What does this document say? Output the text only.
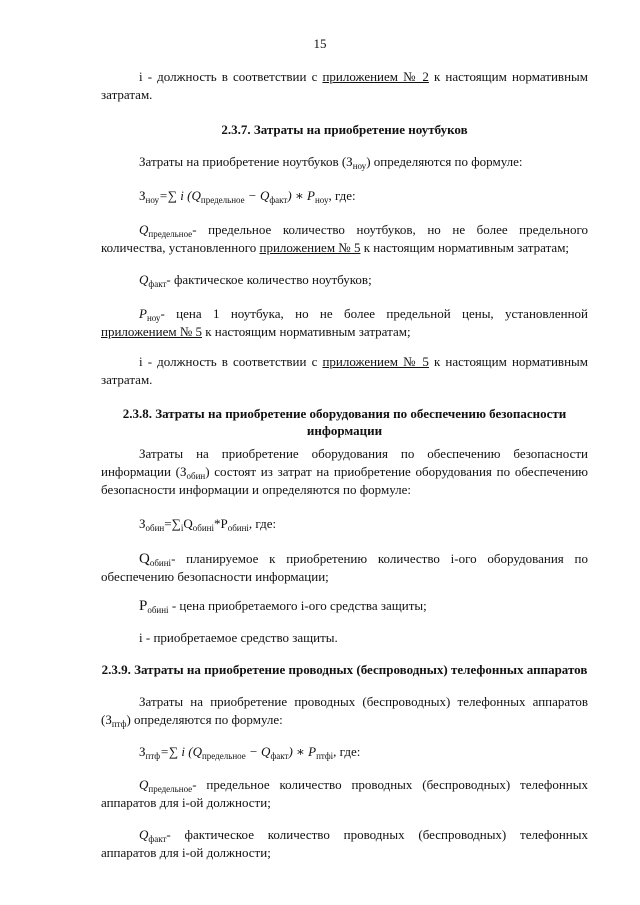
15
i - должность в соответствии с приложением № 2 к настоящим нормативным затратам.
2.3.7. Затраты на приобретение ноутбуков
Затраты на приобретение ноутбуков $(З_{ноу})$ определяются по формуле:
$З_{ноу}=\sum$ i $(Q_{предельное} - Q_{факт})$ ∗ $P_{ноу}$, где:
$Q_{предельное}-$ предельное количество ноутбуков, но не более предельного количества, установленного приложением № 5 к настоящим нормативным затратам;
$Q_{факт}-$ фактическое количество ноутбуков;
$P_{ноу}-$ цена 1 ноутбука, но не более предельной цены, установленной приложением № 5 к настоящим нормативным затратам;
i - должность в соответствии с приложением № 5 к настоящим нормативным затратам.
2.3.8. Затраты на приобретение оборудования по обеспечению безопасности
информации
Затраты на приобретение оборудования по обеспечению безопасности информации $(З_{обин})$ состоят из затрат на приобретение оборудования по обеспечению безопасности информации и определяются по формуле:
$З_{обин}=\sum_iQ_{обинi}*P_{обинi}$, где:
$Q_{обинi}-$ планируемое к приобретению количество i-ого оборудования по обеспечению безопасности информации;
$P_{обинi}$ - цена приобретаемого i-ого средства защиты;
i - приобретаемое средство защиты.
2.3.9. Затраты на приобретение проводных (беспроводных) телефонных аппаратов
Затраты на приобретение проводных (беспроводных) телефонных аппаратов $(З_{птф})$ определяются по формуле:
$З_{птф}=\sum$ i $(Q_{предельное} - Q_{факт})$ ∗ $P_{птфi}$, где:
$Q_{предельное}-$ предельное количество проводных (беспроводных) телефонных аппаратов для i-ой должности;
$Q_{факт}-$ фактическое количество проводных (беспроводных) телефонных аппаратов для i-ой должности;
